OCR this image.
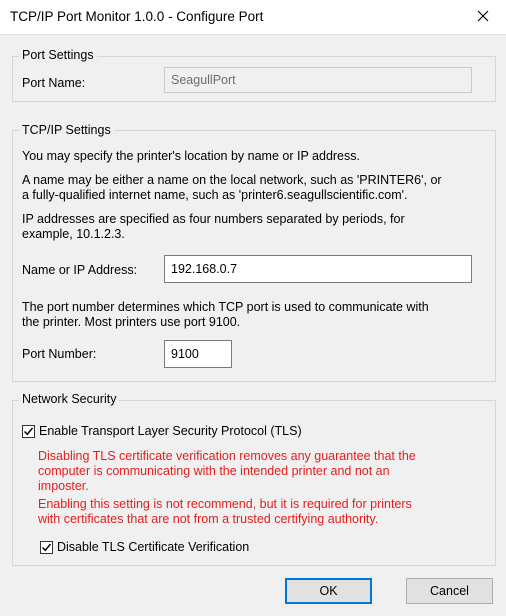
TCP/IP Port Monitor 1.0.0 - Configure Port
Port Settings
Port Name:	SeagullPort
TCP/IP Settings
You may specify the printer's location by name or IP address.
A name may be either a name on the local network, such as 'PRINTER6', or
a fully-qualified internet name, such as 'printer6.seagullscientific.com'.
IP addresses are specified as four numbers separated by periods, for
example, 10.1.2.3.
Name or IP Address:	192.168.0.7
The port number determines which TCP port is used to communicate with
the printer. Most printers use port 9100.
Port Number:	9100
Network Security
Enable Transport Layer Security Protocol (TLS)
Disabling TLS certificate verification removes any guarantee that the
computer is communicating with the intended printer and not an
imposter.
Enabling this setting is not recommend, but it is required for printers
with certificates that are not from a trusted certifying authority.
Disable TLS Certificate Verification
OK	Cancel
